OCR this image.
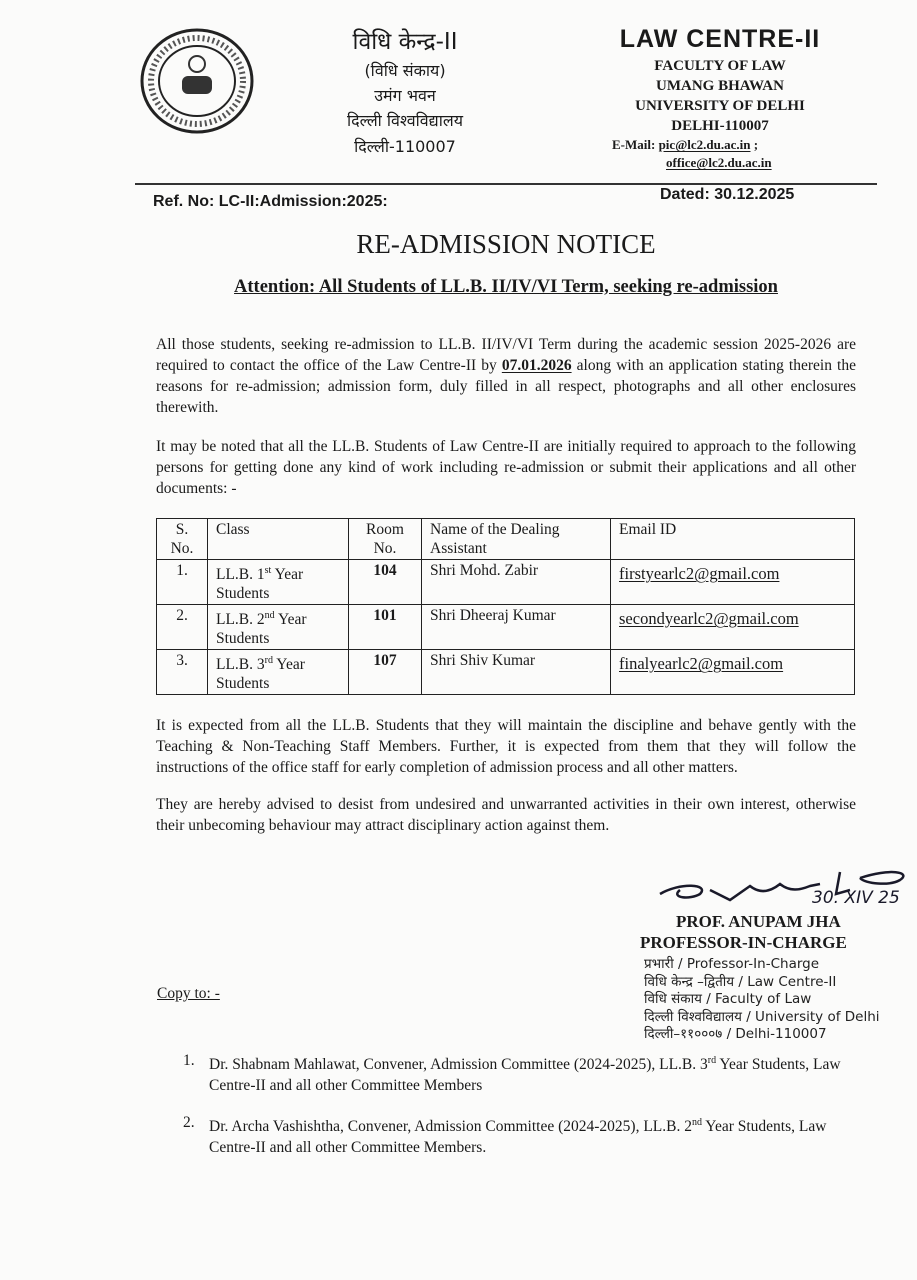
विधि केन्द्र-II
(विधि संकाय)
उमंग भवन
दिल्ली विश्वविद्यालय
दिल्ली-110007
LAW CENTRE-II
FACULTY OF LAW
UMANG BHAWAN
UNIVERSITY OF DELHI
DELHI-110007
E-Mail: pic@lc2.du.ac.in ;
office@lc2.du.ac.in
Ref. No: LC-II:Admission:2025:	Dated: 30.12.2025
RE-ADMISSION NOTICE
Attention: All Students of LL.B. II/IV/VI Term, seeking re-admission
All those students, seeking re-admission to LL.B. II/IV/VI Term during the academic session 2025-2026 are required to contact the office of the Law Centre-II by 07.01.2026 along with an application stating therein the reasons for re-admission; admission form, duly filled in all respect, photographs and all other enclosures therewith.
It may be noted that all the LL.B. Students of Law Centre-II are initially required to approach to the following persons for getting done any kind of work including re-admission or submit their applications and all other documents: -
S. No.	Class	Room No.	Name of the Dealing Assistant	Email ID
1.	LL.B. 1st Year Students	104	Shri Mohd. Zabir	firstyearlc2@gmail.com
2.	LL.B. 2nd Year Students	101	Shri Dheeraj Kumar	secondyearlc2@gmail.com
3.	LL.B. 3rd Year Students	107	Shri Shiv Kumar	finalyearlc2@gmail.com
It is expected from all the LL.B. Students that they will maintain the discipline and behave gently with the Teaching & Non-Teaching Staff Members. Further, it is expected from them that they will follow the instructions of the office staff for early completion of admission process and all other matters.
They are hereby advised to desist from undesired and unwarranted activities in their own interest, otherwise their unbecoming behaviour may attract disciplinary action against them.
30. XIV 25
PROF. ANUPAM JHA
PROFESSOR-IN-CHARGE
प्रभारी / Professor-In-Charge
विधि केन्द्र –द्वितीय / Law Centre-II
विधि संकाय / Faculty of Law
दिल्ली विश्वविद्यालय / University of Delhi
दिल्ली–११०००७ / Delhi-110007
Copy to: -
1. Dr. Shabnam Mahlawat, Convener, Admission Committee (2024-2025), LL.B. 3rd Year Students, Law Centre-II and all other Committee Members
2. Dr. Archa Vashishtha, Convener, Admission Committee (2024-2025), LL.B. 2nd Year Students, Law Centre-II and all other Committee Members.
